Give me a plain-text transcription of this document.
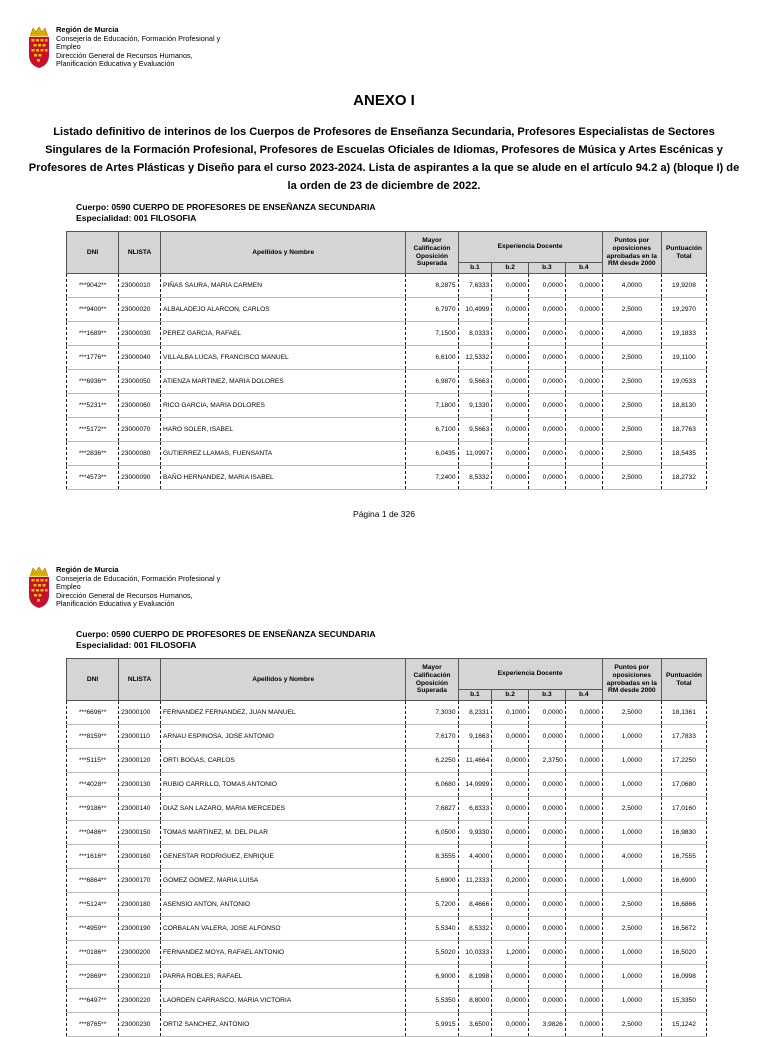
Región de Murcia
Consejería de Educación, Formación Profesional y
Empleo
Dirección General de Recursos Humanos,
Planificación Educativa y Evaluación
ANEXO I
Listado definitivo de interinos de los Cuerpos de Profesores de Enseñanza Secundaria, Profesores Especialistas de Sectores Singulares de la Formación Profesional, Profesores de Escuelas Oficiales de Idiomas, Profesores de Música y Artes Escénicas y Profesores de Artes Plásticas y Diseño para el curso 2023-2024. Lista de aspirantes a la que se alude en el artículo 94.2 a) (bloque I) de la orden de 23 de diciembre de 2022.
Cuerpo: 0590 CUERPO DE PROFESORES DE ENSEÑANZA SECUNDARIA
Especialidad: 001 FILOSOFIA
DNI	NLISTA	Apellidos y Nombre	Mayor Calificación Oposición Superada	Experiencia Docente				Puntos por oposiciones aprobadas en la RM desde 2000	Puntuación Total
				b.1	b.2	b.3	b.4		
***9042**	23000010	PIÑAS SAURA, MARIA CARMEN	8,2875	7,6333	0,0000	0,0000	0,0000	4,0000	19,9208
***9400**	23000020	ALBALADEJO ALARCON, CARLOS	6,7970	10,4999	0,0000	0,0000	0,0000	2,5000	19,2970
***1689**	23000030	PEREZ GARCIA, RAFAEL	7,1500	8,0333	0,0000	0,0000	0,0000	4,0000	19,1833
***1776**	23000040	VILLALBA LUCAS, FRANCISCO MANUEL	6,6100	12,5332	0,0000	0,0000	0,0000	2,5000	19,1100
***6936**	23000050	ATIENZA MARTINEZ, MARIA DOLORES	6,9870	9,5663	0,0000	0,0000	0,0000	2,5000	19,0533
***5231**	23000060	RICO GARCIA, MARIA DOLORES	7,1800	9,1330	0,0000	0,0000	0,0000	2,5000	18,8130
***5172**	23000070	HARO SOLER, ISABEL	6,7100	9,5663	0,0000	0,0000	0,0000	2,5000	18,7763
***2836**	23000080	GUTIERREZ LLAMAS, FUENSANTA	6,0435	11,0997	0,0000	0,0000	0,0000	2,5000	18,5435
***4573**	23000090	BAÑO HERNANDEZ, MARIA ISABEL	7,2400	8,5332	0,0000	0,0000	0,0000	2,5000	18,2732
Página 1 de 326
Región de Murcia
Consejería de Educación, Formación Profesional y
Empleo
Dirección General de Recursos Humanos,
Planificación Educativa y Evaluación
Cuerpo: 0590 CUERPO DE PROFESORES DE ENSEÑANZA SECUNDARIA
Especialidad: 001 FILOSOFIA
DNI	NLISTA	Apellidos y Nombre	Mayor Calificación Oposición Superada	Experiencia Docente				Puntos por oposiciones aprobadas en la RM desde 2000	Puntuación Total
				b.1	b.2	b.3	b.4		
***6696**	23000100	FERNANDEZ FERNANDEZ, JUAN MANUEL	7,3030	8,2331	0,1000	0,0000	0,0000	2,5000	18,1361
***8159**	23000110	ARNAU ESPINOSA, JOSE ANTONIO	7,6170	9,1663	0,0000	0,0000	0,0000	1,0000	17,7833
***5115**	23000120	ORTI BOGAS, CARLOS	6,2250	11,4664	0,0000	2,3750	0,0000	1,0000	17,2250
***4028**	23000130	RUBIO CARRILLO, TOMAS ANTONIO	6,0680	14,0999	0,0000	0,0000	0,0000	1,0000	17,0680
***9186**	23000140	DIAZ SAN LAZARO, MARIA MERCEDES	7,6827	6,8333	0,0000	0,0000	0,0000	2,5000	17,0160
***0486**	23000150	TOMAS MARTINEZ, M. DEL PILAR	6,0500	9,9330	0,0000	0,0000	0,0000	1,0000	16,9830
***1616**	23000160	GENESTAR RODRIGUEZ, ENRIQUE	8,3555	4,4000	0,0000	0,0000	0,0000	4,0000	16,7555
***6864**	23000170	GOMEZ GOMEZ, MARIA LUISA	5,6900	11,2333	0,2000	0,0000	0,0000	1,0000	16,6900
***5124**	23000180	ASENSIO ANTON, ANTONIO	5,7200	8,4666	0,0000	0,0000	0,0000	2,5000	16,6866
***4959**	23000190	CORBALAN VALERA, JOSE ALFONSO	5,5340	8,5332	0,0000	0,0000	0,0000	2,5000	16,5672
***0186**	23000200	FERNANDEZ MOYA, RAFAEL ANTONIO	5,5020	10,0333	1,2000	0,0000	0,0000	1,0000	16,5020
***2869**	23000210	PARRA ROBLES, RAFAEL	6,9000	8,1998	0,0000	0,0000	0,0000	1,0000	16,0998
***6497**	23000220	LAORDEN CARRASCO, MARIA VICTORIA	5,5350	8,8000	0,0000	0,0000	0,0000	1,0000	15,3350
***8765**	23000230	ORTIZ SANCHEZ, ANTONIO	5,9915	3,6500	0,0000	3,9826	0,0000	2,5000	15,1242
